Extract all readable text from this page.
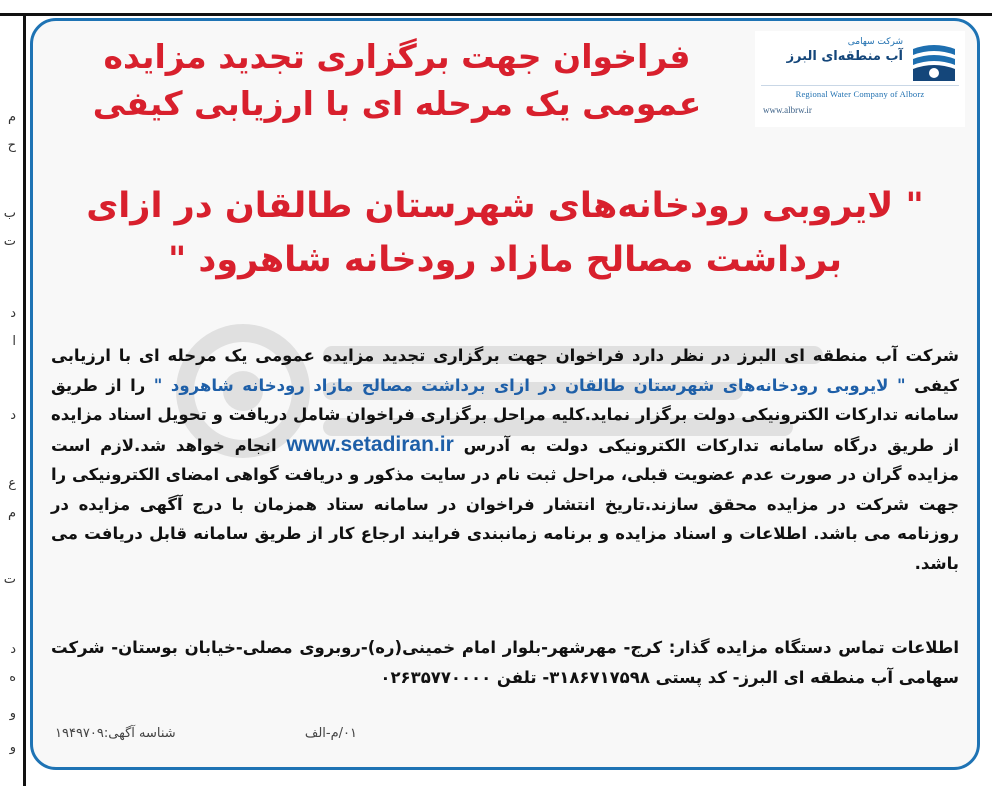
م
ح
ب
ت
د
ا
د
ع
م
ت
د
ه
و
و
شرکت سهامی
آب منطقه‌ای البرز
Regional Water Company of Alborz
www.albrw.ir
فراخوان جهت برگزاری تجدید مزایده
عمومی یک مرحله ای با ارزیابی کیفی
" لایروبی رودخانه‌های شهرستان طالقان در ازای
برداشت مصالح مازاد رودخانه شاهرود "
شرکت آب منطقه ای البرز در نظر دارد فراخوان جهت برگزاری تجدید مزایده عمومی یک مرحله ای با ارزیابی کیفی " لایروبی رودخانه‌های شهرستان طالقان در ازای برداشت مصالح مازاد رودخانه شاهرود " را از طریق سامانه تدارکات الکترونیکی دولت برگزار نماید.کلیه مراحل برگزاری فراخوان شامل دریافت و تحویل اسناد مزایده از طریق درگاه سامانه تدارکات الکترونیکی دولت به آدرس www.setadiran.ir انجام خواهد شد.لازم است مزایده گران در صورت عدم عضویت قبلی، مراحل ثبت نام در سایت مذکور و دریافت گواهی امضای الکترونیکی را جهت شرکت در مزایده محقق سازند.تاریخ انتشار فراخوان در سامانه ستاد همزمان با درج آگهی مزایده در روزنامه می باشد. اطلاعات و اسناد مزایده و برنامه زمانبندی فرایند ارجاع کار از طریق سامانه قابل دریافت می باشد.
اطلاعات تماس دستگاه مزایده گذار: کرج- مهرشهر-بلوار امام خمینی(ره)-روبروی مصلی-خیابان بوستان- شرکت سهامی آب منطقه ای البرز- کد پستی ۳۱۸۶۷۱۷۵۹۸- تلفن ۰۲۶۳۵۷۷۰۰۰۰
۰۱/م-الف
شناسه آگهی:۱۹۴۹۷۰۹
